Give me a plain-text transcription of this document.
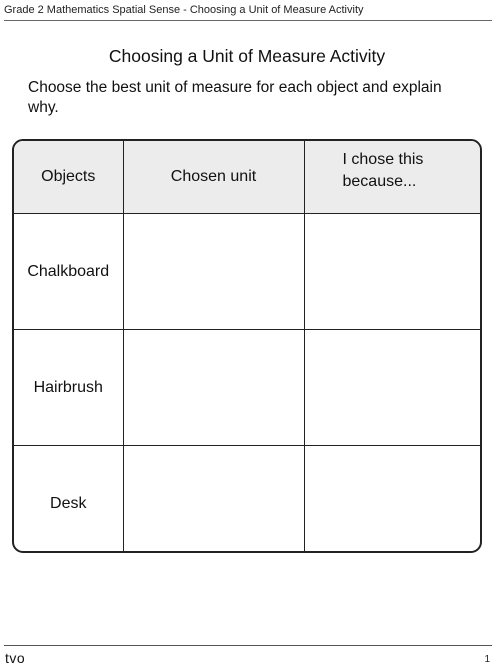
Grade 2 Mathematics Spatial Sense - Choosing a Unit of Measure Activity
Choosing a Unit of Measure Activity
Choose the best unit of measure for each object and explain why.
Objects	Chosen unit	I chose this because...
Chalkboard		
Hairbrush		
Desk		
tvo	1
